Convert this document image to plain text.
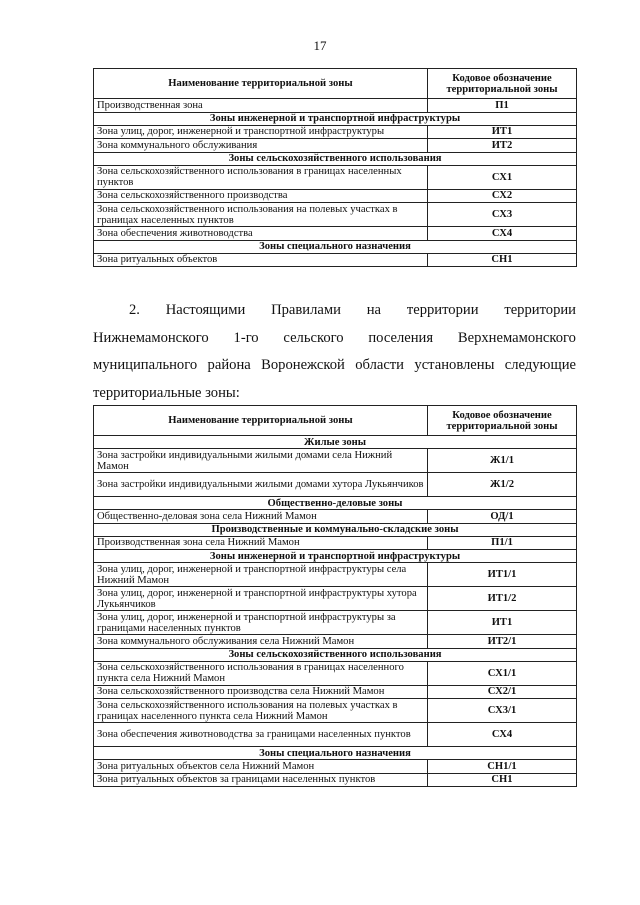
17
Наименование территориальной зоны	Кодовое обозначение территориальной зоны
Производственная зона	П1
Зоны инженерной и транспортной инфраструктуры	
Зона улиц, дорог, инженерной и транспортной инфраструктуры	ИТ1
Зона коммунального обслуживания	ИТ2
Зоны сельскохозяйственного использования	
Зона сельскохозяйственного использования в границах населенных пунктов	СХ1
Зона сельскохозяйственного производства	СХ2
Зона сельскохозяйственного использования на полевых участках в границах населенных пунктов	СХ3
Зона обеспечения животноводства	СХ4
Зоны специального назначения	
Зона ритуальных объектов	СН1
2. Настоящими Правилами на территории территории
Нижнемамонского 1-го сельского поселения Верхнемамонского
муниципального района Воронежской области установлены следующие
территориальные зоны:
Наименование территориальной зоны	Кодовое обозначение территориальной зоны
Жилые зоны	
Зона застройки индивидуальными жилыми домами села Нижний Мамон	Ж1/1
Зона застройки индивидуальными жилыми домами хутора Лукьянчиков	Ж1/2
Общественно-деловые зоны	
Общественно-деловая зона села Нижний Мамон	ОД/1
Производственные и коммунально-складские зоны	
Производственная зона села Нижний Мамон	П1/1
Зоны инженерной и транспортной инфраструктуры	
Зона улиц, дорог, инженерной и транспортной инфраструктуры села Нижний Мамон	ИТ1/1
Зона улиц, дорог, инженерной и транспортной инфраструктуры хутора Лукьянчиков	ИТ1/2
Зона улиц, дорог, инженерной и транспортной инфраструктуры за границами населенных пунктов	ИТ1
Зона коммунального обслуживания села Нижний Мамон	ИТ2/1
Зоны сельскохозяйственного использования	
Зона сельскохозяйственного использования в границах населенного пункта села Нижний Мамон	СХ1/1
Зона сельскохозяйственного производства села Нижний Мамон	СХ2/1
Зона сельскохозяйственного использования на полевых участках в границах населенного пункта села Нижний Мамон	СХ3/1
Зона обеспечения животноводства за границами населенных пунктов	СХ4
Зоны специального назначения	
Зона ритуальных объектов села Нижний Мамон	СН1/1
Зона ритуальных объектов за границами населенных пунктов	СН1
